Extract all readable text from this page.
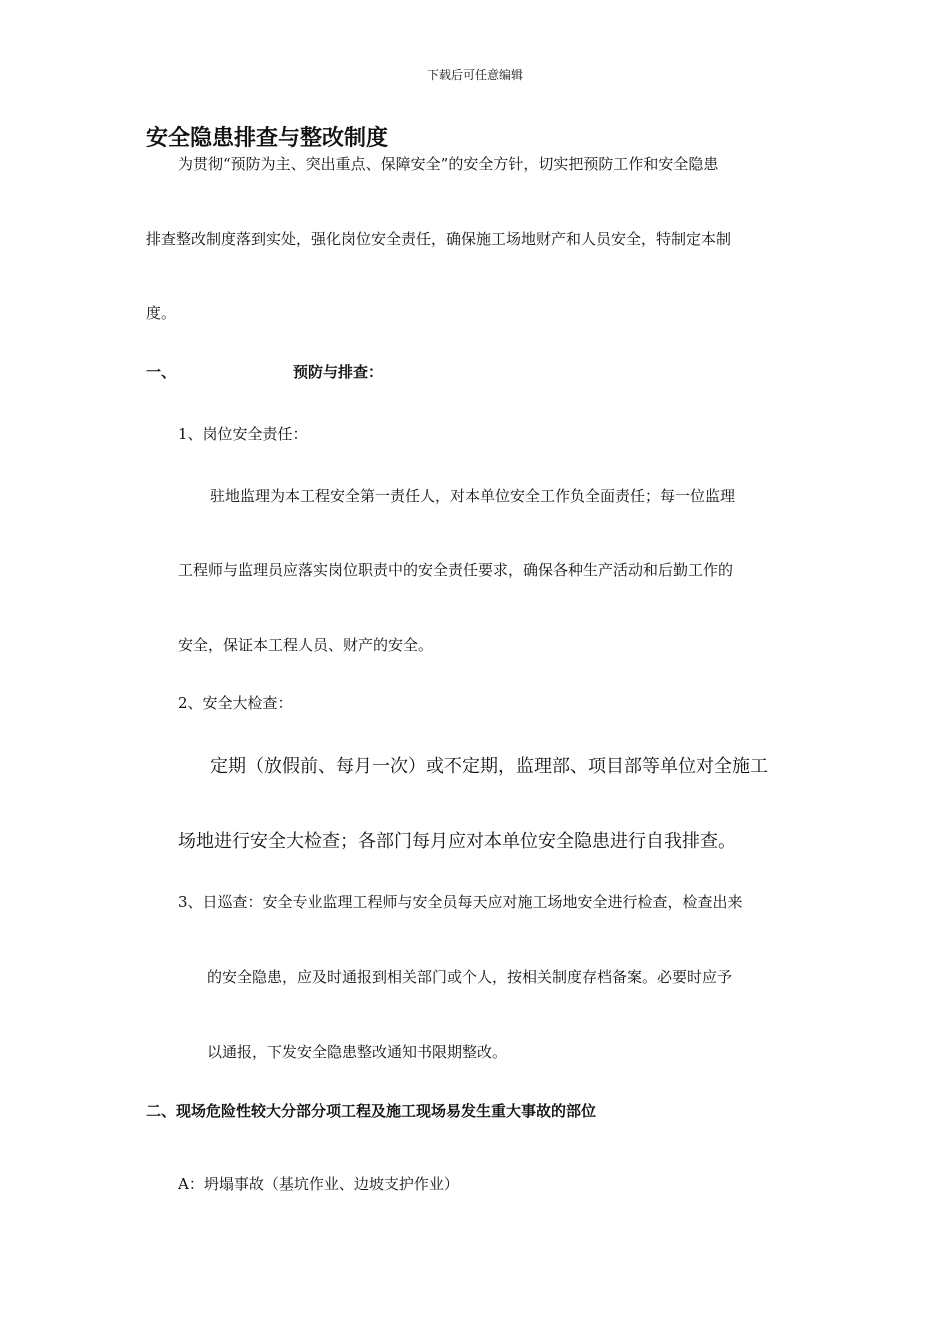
下载后可任意编辑
安全隐患排查与整改制度
为贯彻“预防为主、突出重点、保障安全”的安全方针，切实把预防工作和安全隐患
排查整改制度落到实处，强化岗位安全责任，确保施工场地财产和人员安全，特制定本制
度。
一、	预防与排查：
1、岗位安全责任：
驻地监理为本工程安全第一责任人，对本单位安全工作负全面责任；每一位监理
工程师与监理员应落实岗位职责中的安全责任要求，确保各种生产活动和后勤工作的
安全，保证本工程人员、财产的安全。
2、安全大检查：
定期（放假前、每月一次）或不定期，监理部、项目部等单位对全施工
场地进行安全大检查；各部门每月应对本单位安全隐患进行自我排查。
3、日巡查：安全专业监理工程师与安全员每天应对施工场地安全进行检查，检查出来
的安全隐患，应及时通报到相关部门或个人，按相关制度存档备案。必要时应予
以通报，下发安全隐患整改通知书限期整改。
二、现场危险性较大分部分项工程及施工现场易发生重大事故的部位
A：坍塌事故（基坑作业、边坡支护作业）
